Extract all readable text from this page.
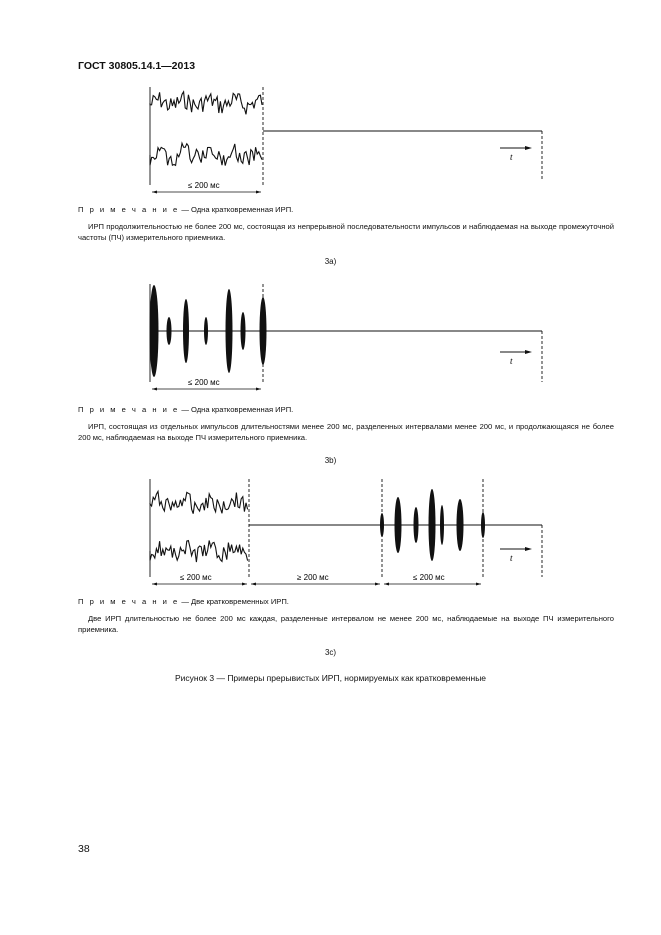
ГОСТ 30805.14.1—2013
t
≤ 200 мс
П р и м е ч а н и е — Одна кратковременная ИРП.
ИРП продолжительностью не более 200 мс, состоящая из непрерывной последовательности импульсов и наблюдаемая на выходе промежуточной частоты (ПЧ) измерительного приемника.
3а)
t
≤ 200 мс
П р и м е ч а н и е — Одна кратковременная ИРП.
ИРП, состоящая из отдельных импульсов длительностями менее 200 мс, разделенных интервалами менее 200 мс, и продолжающаяся не более 200 мс, наблюдаемая на выходе ПЧ измерительного приемника.
3b)
t
≤ 200 мс	≥ 200 мс	≤ 200 мс
П р и м е ч а н и е — Две кратковременных ИРП.
Две ИРП длительностью не более 200 мс каждая, разделенные интервалом не менее 200 мс, наблюдаемые на выходе ПЧ измерительного приемника.
3с)
Рисунок 3 — Примеры прерывистых ИРП, нормируемых как кратковременные
38
